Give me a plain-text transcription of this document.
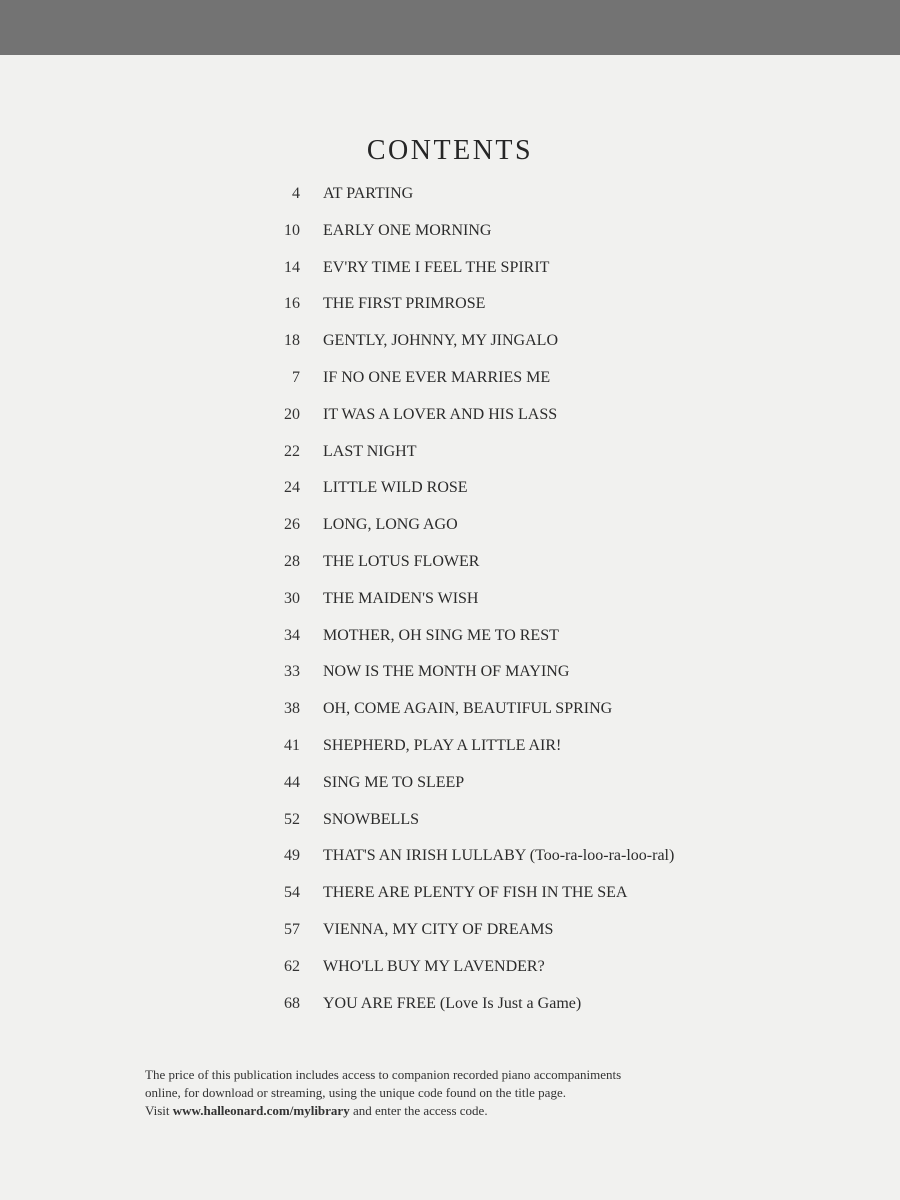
CONTENTS
4 AT PARTING
10 EARLY ONE MORNING
14 EV'RY TIME I FEEL THE SPIRIT
16 THE FIRST PRIMROSE
18 GENTLY, JOHNNY, MY JINGALO
7 IF NO ONE EVER MARRIES ME
20 IT WAS A LOVER AND HIS LASS
22 LAST NIGHT
24 LITTLE WILD ROSE
26 LONG, LONG AGO
28 THE LOTUS FLOWER
30 THE MAIDEN'S WISH
34 MOTHER, OH SING ME TO REST
33 NOW IS THE MONTH OF MAYING
38 OH, COME AGAIN, BEAUTIFUL SPRING
41 SHEPHERD, PLAY A LITTLE AIR!
44 SING ME TO SLEEP
52 SNOWBELLS
49 THAT'S AN IRISH LULLABY (Too-ra-loo-ra-loo-ral)
54 THERE ARE PLENTY OF FISH IN THE SEA
57 VIENNA, MY CITY OF DREAMS
62 WHO'LL BUY MY LAVENDER?
68 YOU ARE FREE (Love Is Just a Game)

The price of this publication includes access to companion recorded piano accompaniments

online, for download or streaming, using the unique code found on the title page.

Visit www.halleonard.com/mylibrary and enter the access code.
